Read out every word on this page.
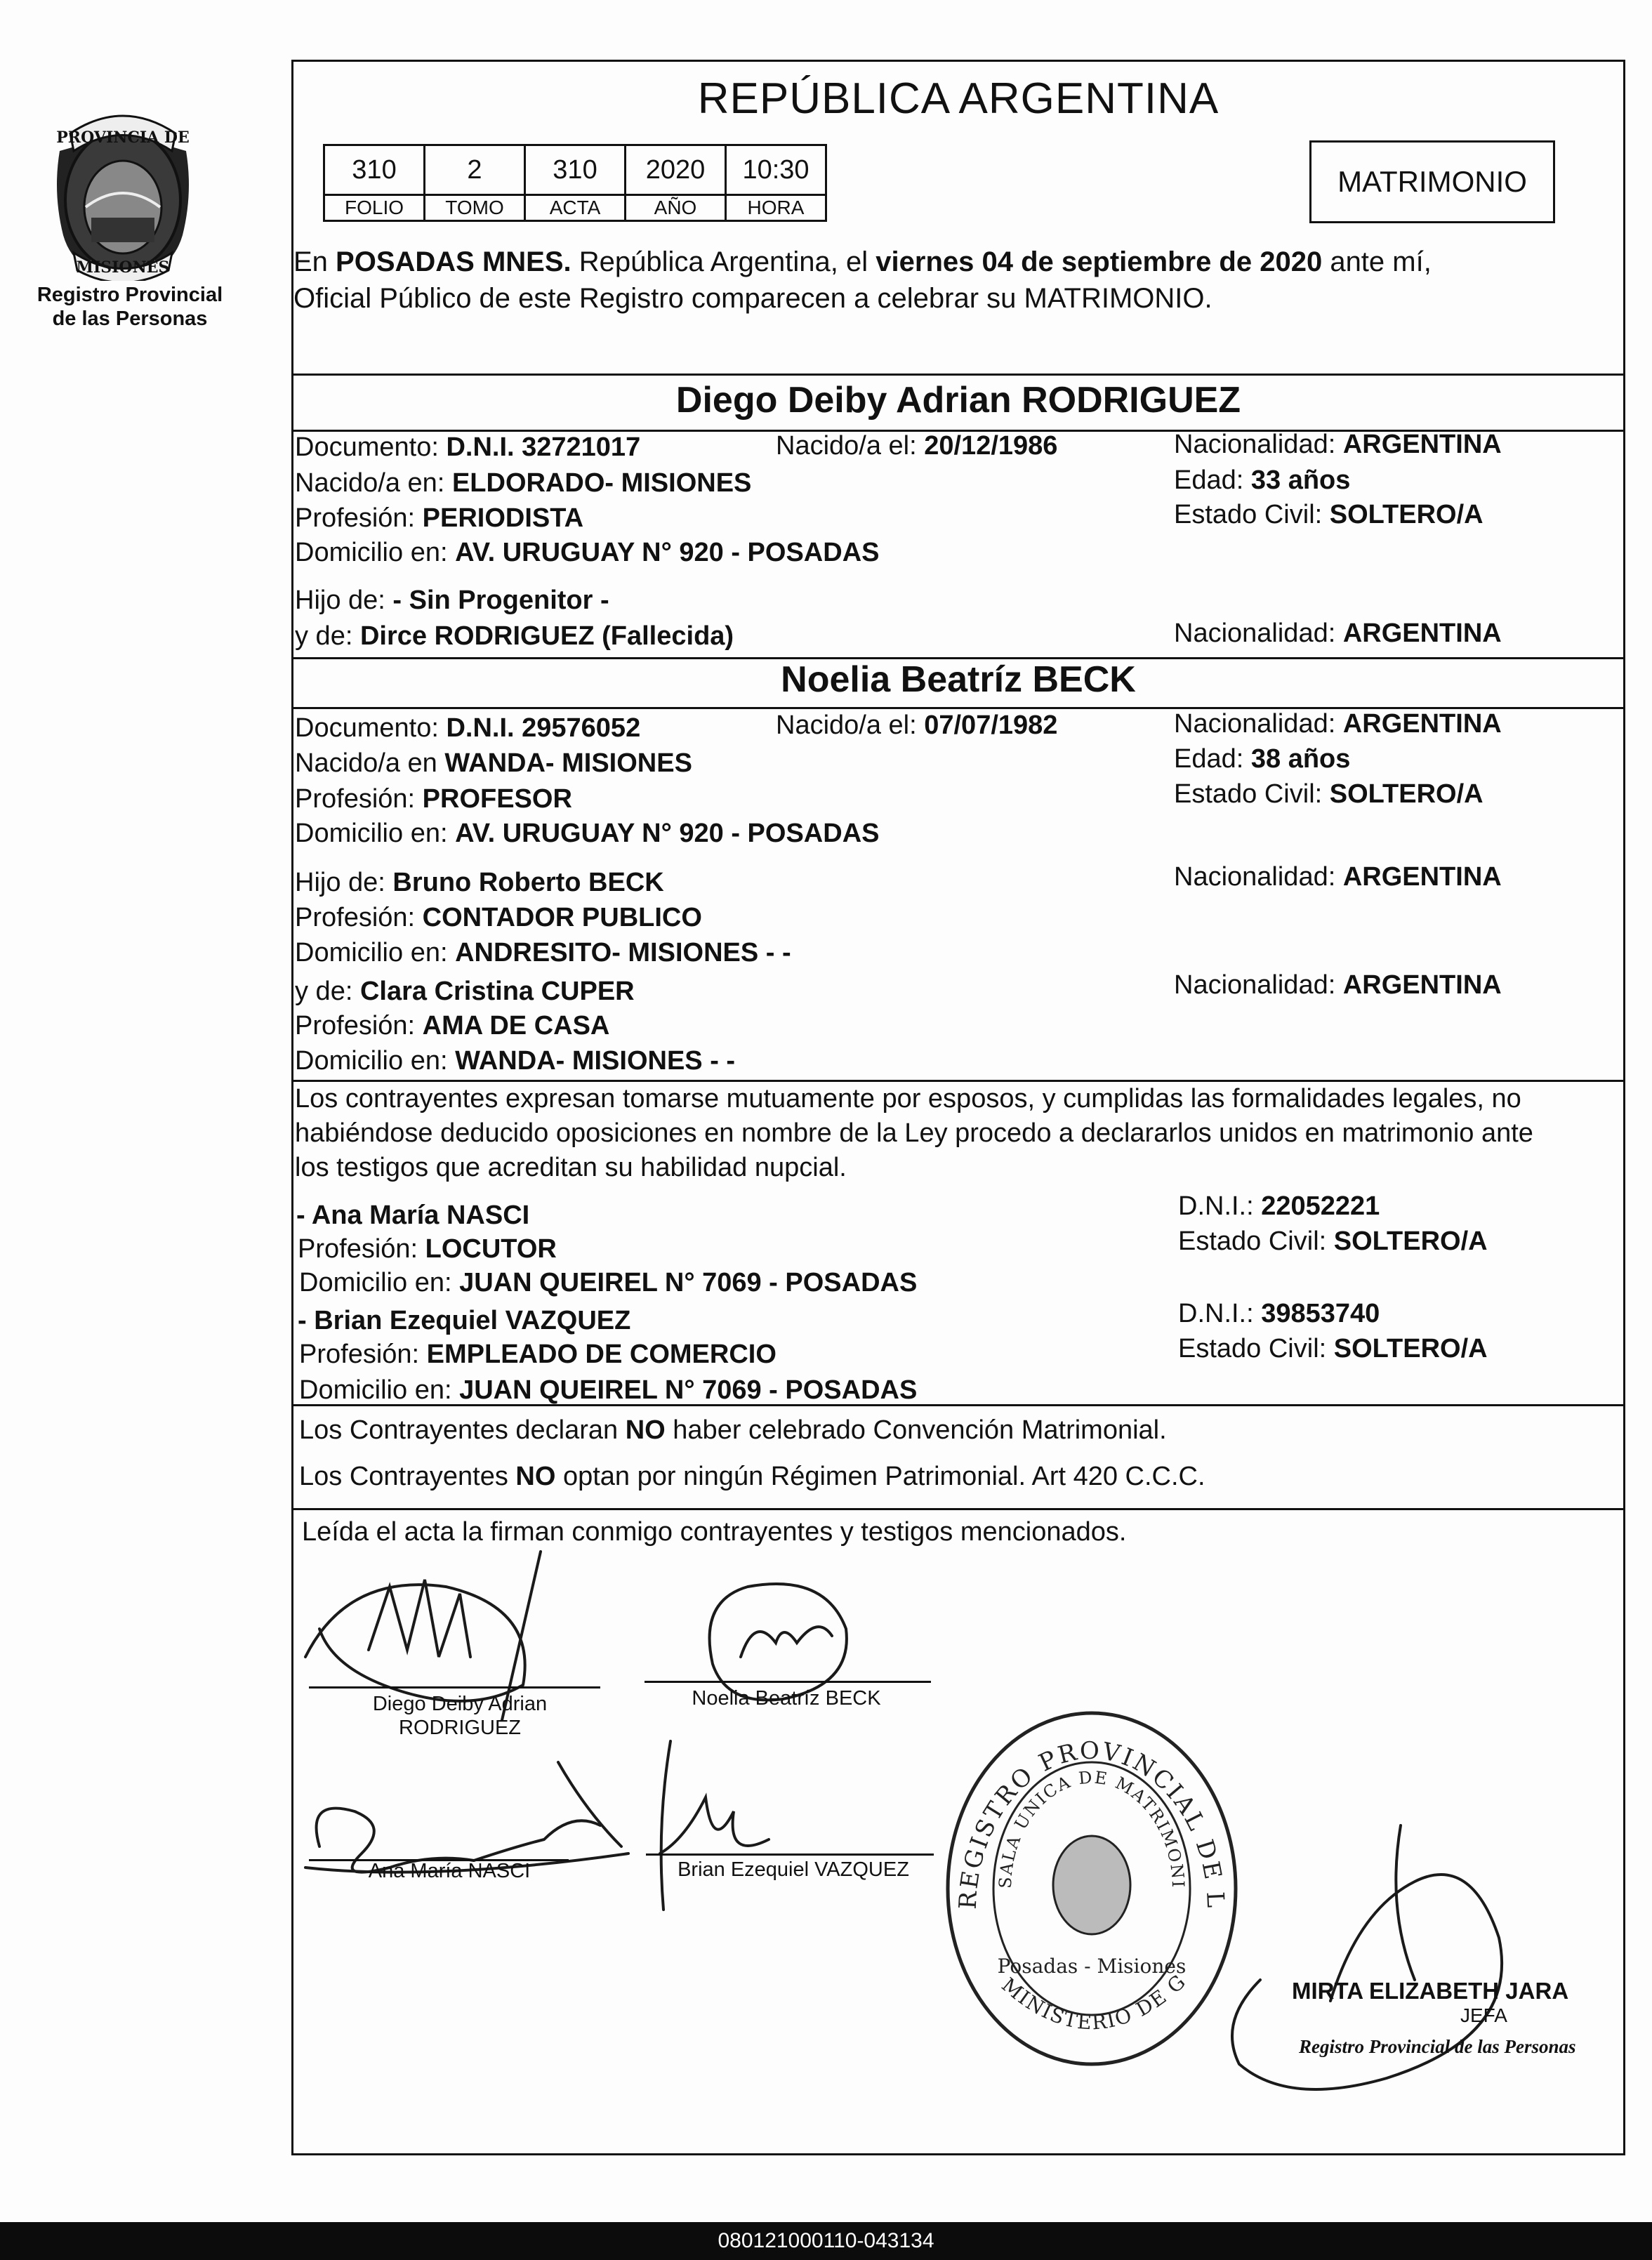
PROVINCIA DE
MISIONES
Registro Provincial
de las Personas
REPÚBLICA ARGENTINA
310	2	310	2020	10:30
FOLIO	TOMO	ACTA	AÑO	HORA
MATRIMONIO
En POSADAS MNES. República Argentina, el viernes 04 de septiembre de 2020 ante mí,
Oficial Público de este Registro comparecen a celebrar su MATRIMONIO.
Diego Deiby Adrian RODRIGUEZ
Documento: D.N.I. 32721017	Nacido/a el: 20/12/1986	Nacionalidad: ARGENTINA
Nacido/a en: ELDORADO- MISIONES	Edad: 33 años
Profesión: PERIODISTA	Estado Civil: SOLTERO/A
Domicilio en: AV. URUGUAY N° 920 - POSADAS
Hijo de: - Sin Progenitor -
y de: Dirce RODRIGUEZ (Fallecida)	Nacionalidad: ARGENTINA
Noelia Beatríz BECK
Documento: D.N.I. 29576052	Nacido/a el: 07/07/1982	Nacionalidad: ARGENTINA
Nacido/a en WANDA- MISIONES	Edad: 38 años
Profesión: PROFESOR	Estado Civil: SOLTERO/A
Domicilio en: AV. URUGUAY N° 920 - POSADAS
Hijo de: Bruno Roberto BECK	Nacionalidad: ARGENTINA
Profesión: CONTADOR PUBLICO
Domicilio en: ANDRESITO- MISIONES - -
y de: Clara Cristina CUPER	Nacionalidad: ARGENTINA
Profesión: AMA DE CASA
Domicilio en: WANDA- MISIONES - -
Los contrayentes expresan tomarse mutuamente por esposos, y cumplidas las formalidades legales, no
habiéndose deducido oposiciones en nombre de la Ley procedo a declararlos unidos en matrimonio ante
los testigos que acreditan su habilidad nupcial.
- Ana María NASCI	D.N.I.: 22052221
Profesión: LOCUTOR	Estado Civil: SOLTERO/A
Domicilio en: JUAN QUEIREL N° 7069 - POSADAS
- Brian Ezequiel VAZQUEZ	D.N.I.: 39853740
Profesión: EMPLEADO DE COMERCIO	Estado Civil: SOLTERO/A
Domicilio en: JUAN QUEIREL N° 7069 - POSADAS
Los Contrayentes declaran NO haber celebrado Convención Matrimonial.
Los Contrayentes NO optan por ningún Régimen Patrimonial. Art 420 C.C.C.
Leída el acta la firman conmigo contrayentes y testigos mencionados.
Diego Deiby Adrian
RODRIGUEZ
Noelia Beatríz BECK
Ana María NASCI	Brian Ezequiel VAZQUEZ
REGISTRO PROVINCIAL DE L
SALA UNICA DE MATRIMONI
Posadas - Misiones
MINISTERIO DE G	MIRTA ELIZABETH JARA
JEFA
Registro Provincial de las Personas
080121000110-043134
